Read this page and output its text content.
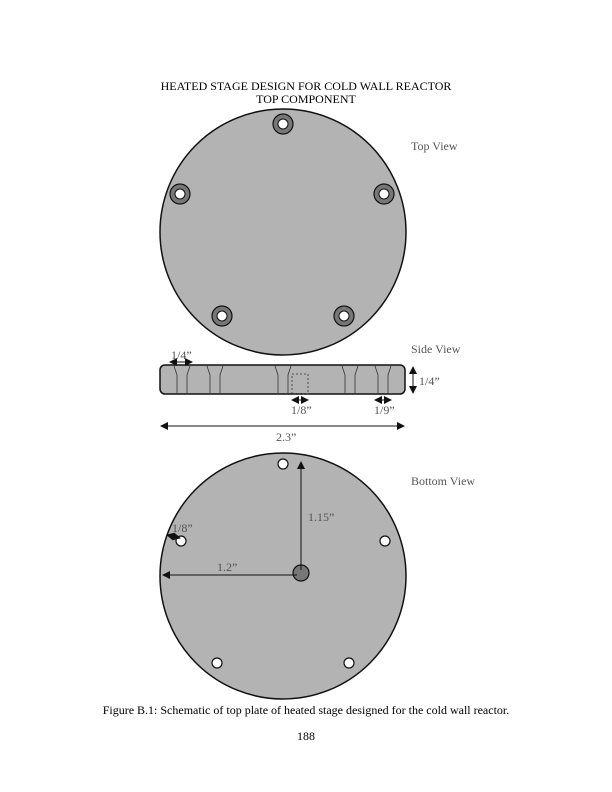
HEATED STAGE DESIGN FOR COLD WALL REACTOR
TOP COMPONENT
Top View
1/4”
1/4”
1/8”	1/9”
Side View
2.3”
1.15”
1.2”
1/8”
Bottom View
Figure B.1: Schematic of top plate of heated stage designed for the cold wall reactor.
188
